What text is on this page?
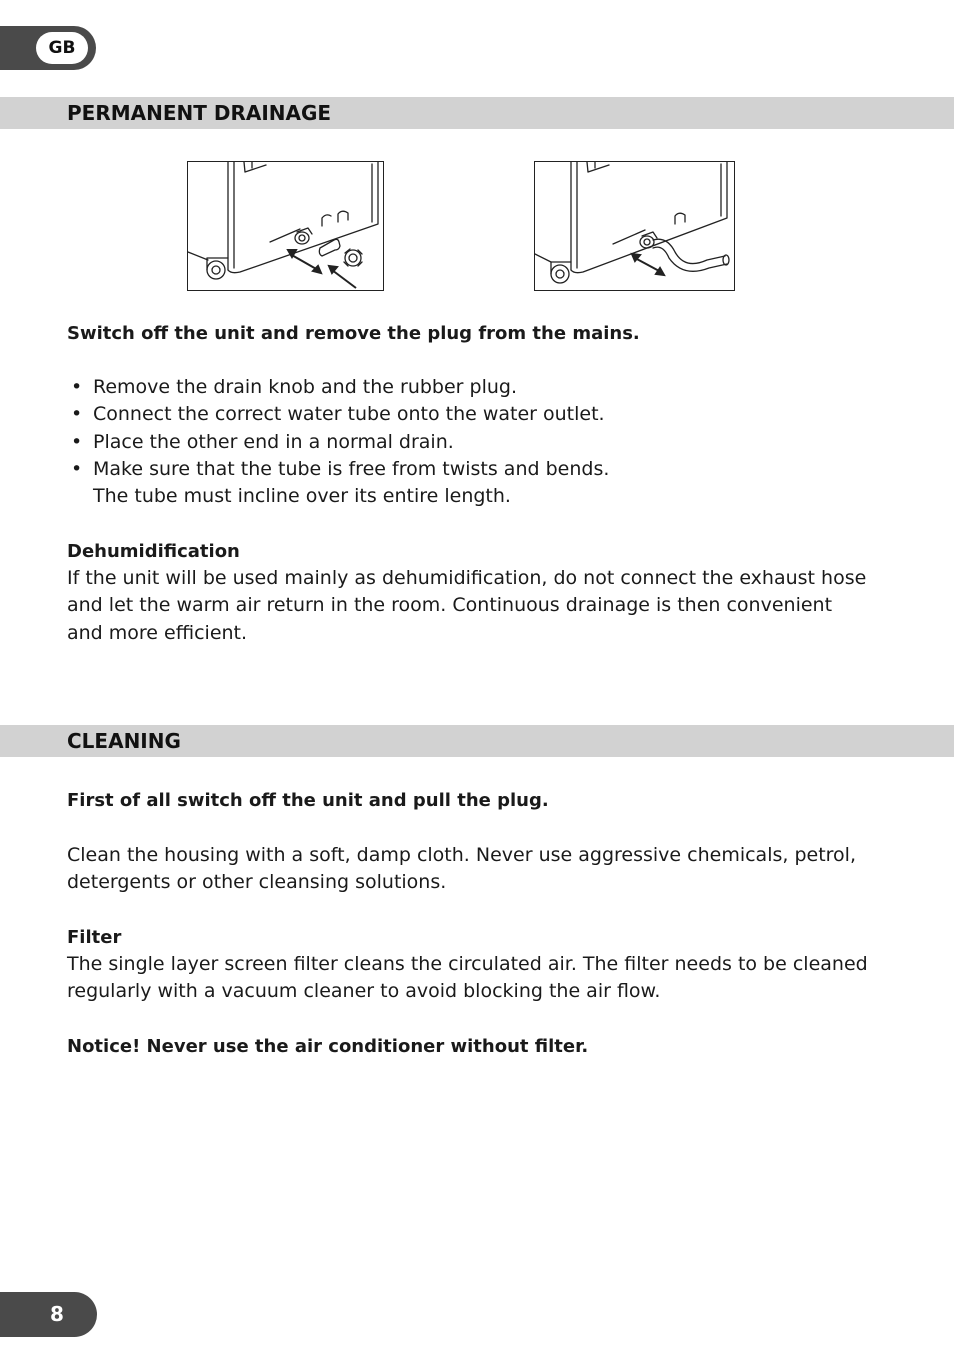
GB
PERMANENT DRAINAGE
Switch off the unit and remove the plug from the mains.
• Remove the drain knob and the rubber plug.
• Connect the correct water tube onto the water outlet.
• Place the other end in a normal drain.
• Make sure that the tube is free from twists and bends.
The tube must incline over its entire length.
Dehumidification
If the unit will be used mainly as dehumidification, do not connect the exhaust hose
and let the warm air return in the room. Continuous drainage is then convenient
and more efficient.
CLEANING
First of all switch off the unit and pull the plug.
Clean the housing with a soft, damp cloth. Never use aggressive chemicals, petrol,
detergents or other cleansing solutions.
Filter
The single layer screen filter cleans the circulated air. The filter needs to be cleaned
regularly with a vacuum cleaner to avoid blocking the air flow.
Notice! Never use the air conditioner without filter.
8
